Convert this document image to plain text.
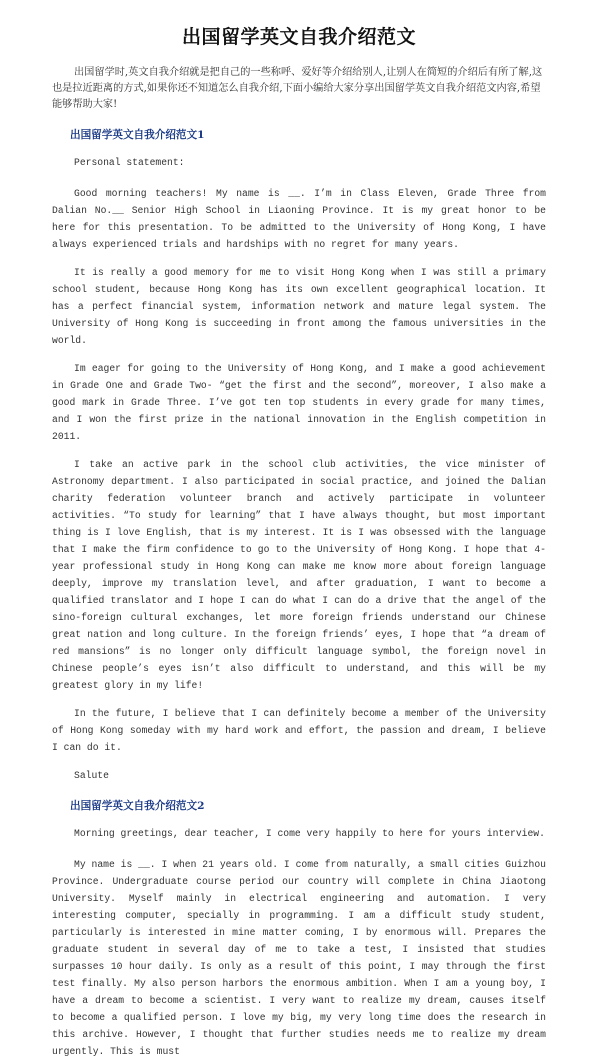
出国留学英文自我介绍范文
出国留学时,英文自我介绍就是把自己的一些称呼、爱好等介绍给别人,让别人在简短的介绍后有所了解,这也是拉近距离的方式,如果你还不知道怎么自我介绍,下面小编给大家分享出国留学英文自我介绍范文内容,希望能够帮助大家!
出国留学英文自我介绍范文1
Personal statement:
Good morning teachers! My name is __. I’m in Class Eleven, Grade Three from Dalian No.__ Senior High School in Liaoning Province. It is my great honor to be here for this presentation. To be admitted to the University of Hong Kong, I have always experienced trials and hardships with no regret for many years.
It is really a good memory for me to visit Hong Kong when I was still a primary school student, because Hong Kong has its own excellent geographical location. It has a perfect financial system, information network and mature legal system. The University of Hong Kong is succeeding in front among the famous universities in the world.
Im eager for going to the University of Hong Kong, and I make a good achievement in Grade One and Grade Two- “get the first and the second”, moreover, I also make a good mark in Grade Three. I’ve got ten top students in every grade for many times, and I won the first prize in the national innovation in the English competition in 2011.
I take an active park in the school club activities, the vice minister of Astronomy department. I also participated in social practice, and joined the Dalian charity federation volunteer branch and actively participate in volunteer activities. “To study for learning” that I have always thought, but most important thing is I love English, that is my interest. It is I was obsessed with the language that I make the firm confidence to go to the University of Hong Kong. I hope that 4-year professional study in Hong Kong can make me know more about foreign language deeply, improve my translation level, and after graduation, I want to become a qualified translator and I hope I can do what I can do a drive that the angel of the sino-foreign cultural exchanges, let more foreign friends understand our Chinese great nation and long culture. In the foreign friends’ eyes, I hope that “a dream of red mansions” is no longer only difficult language symbol, the foreign novel in Chinese people’s eyes isn’t also difficult to understand, and this will be my greatest glory in my life!
In the future, I believe that I can definitely become a member of the University of Hong Kong someday with my hard work and effort, the passion and dream, I believe I can do it.
Salute
出国留学英文自我介绍范文2
Morning greetings, dear teacher, I come very happily to here for yours interview.
My name is __. I when 21 years old. I come from naturally, a small cities Guizhou Province. Undergraduate course period our country will complete in China Jiaotong University. Myself mainly in electrical engineering and automation. I very interesting computer, specially in programming. I am a difficult study student, particularly is interested in mine matter coming, I by enormous will. Prepares the graduate student in several day of me to take a test, I insisted that studies surpasses 10 hour daily. Is only as a result of this point, I may through the first test finally. My also person harbors the enormous ambition. When I am a young boy, I have a dream to become a scientist. I very want to realize my dream, causes itself to become a qualified person. I love my big, my very long time does the research in this archive. However, I thought that further studies needs me to realize my dream urgently. This is must
